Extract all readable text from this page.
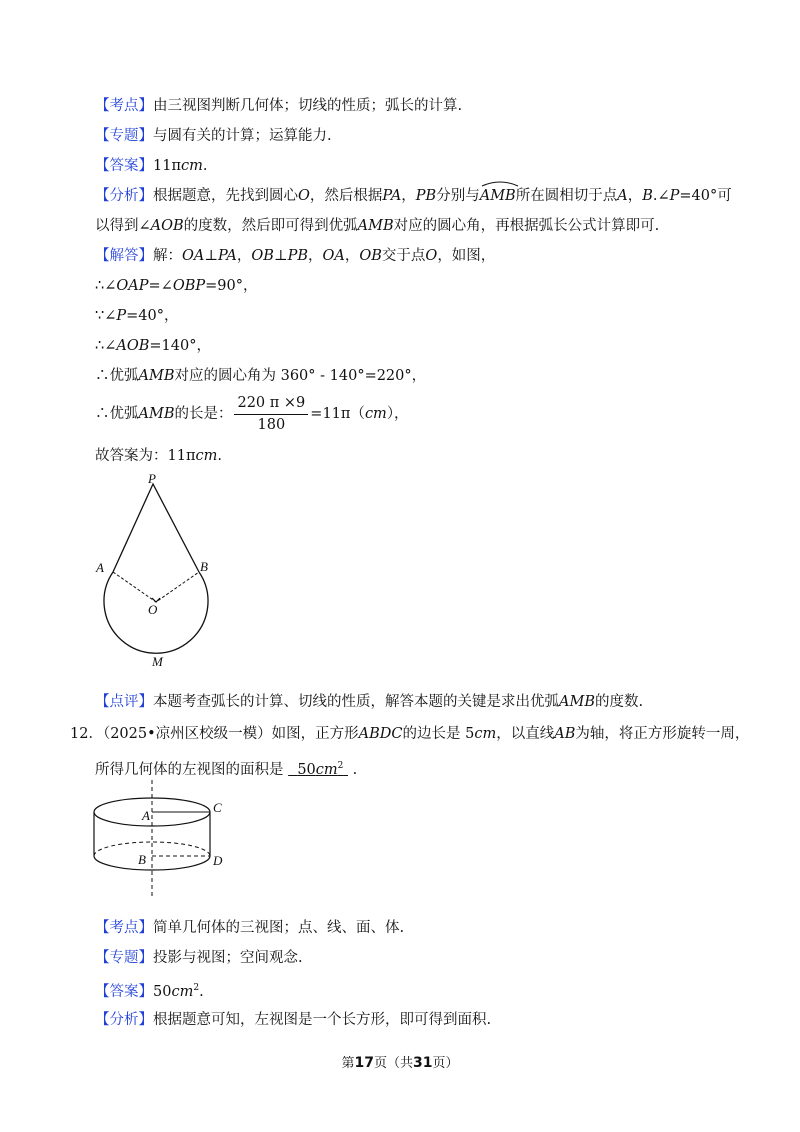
【考点】由三视图判断几何体；切线的性质；弧长的计算.
【专题】与圆有关的计算；运算能力.
【答案】11πcm.
【分析】根据题意，先找到圆心O，然后根据PA，PB分别与
AMB所在圆相切于点A，B.∠P=40°可
以得到∠AOB的度数，然后即可得到优弧AMB对应的圆心角，再根据弧长公式计算即可.
【解答】解：OA⊥PA，OB⊥PB，OA，OB交于点O，如图，
∴∠OAP=∠OBP=90°，
∵∠P=40°，
∴∠AOB=140°，
∴优弧AMB对应的圆心角为 360° - 140°=220°，
∴优弧AMB的长是： $\frac{220 \pi \times 9}{180} =11\pi(cm)$，
故答案为：11πcm.
P
A	B
O
M
【点评】本题考查弧长的计算、切线的性质，解答本题的关键是求出优弧AMB的度数.
12．（2025•凉州区校级一模）如图，正方形ABDC的边长是 5cm，以直线AB为轴，将正方形旋转一周，
所得几何体的左视图的面积是 $50cm^2$ .
A
C
B	D
【考点】简单几何体的三视图；点、线、面、体.
【专题】投影与视图；空间观念.
【答案】$50cm^2$.
【分析】根据题意可知，左视图是一个长方形，即可得到面积.
第17页（共31页）
